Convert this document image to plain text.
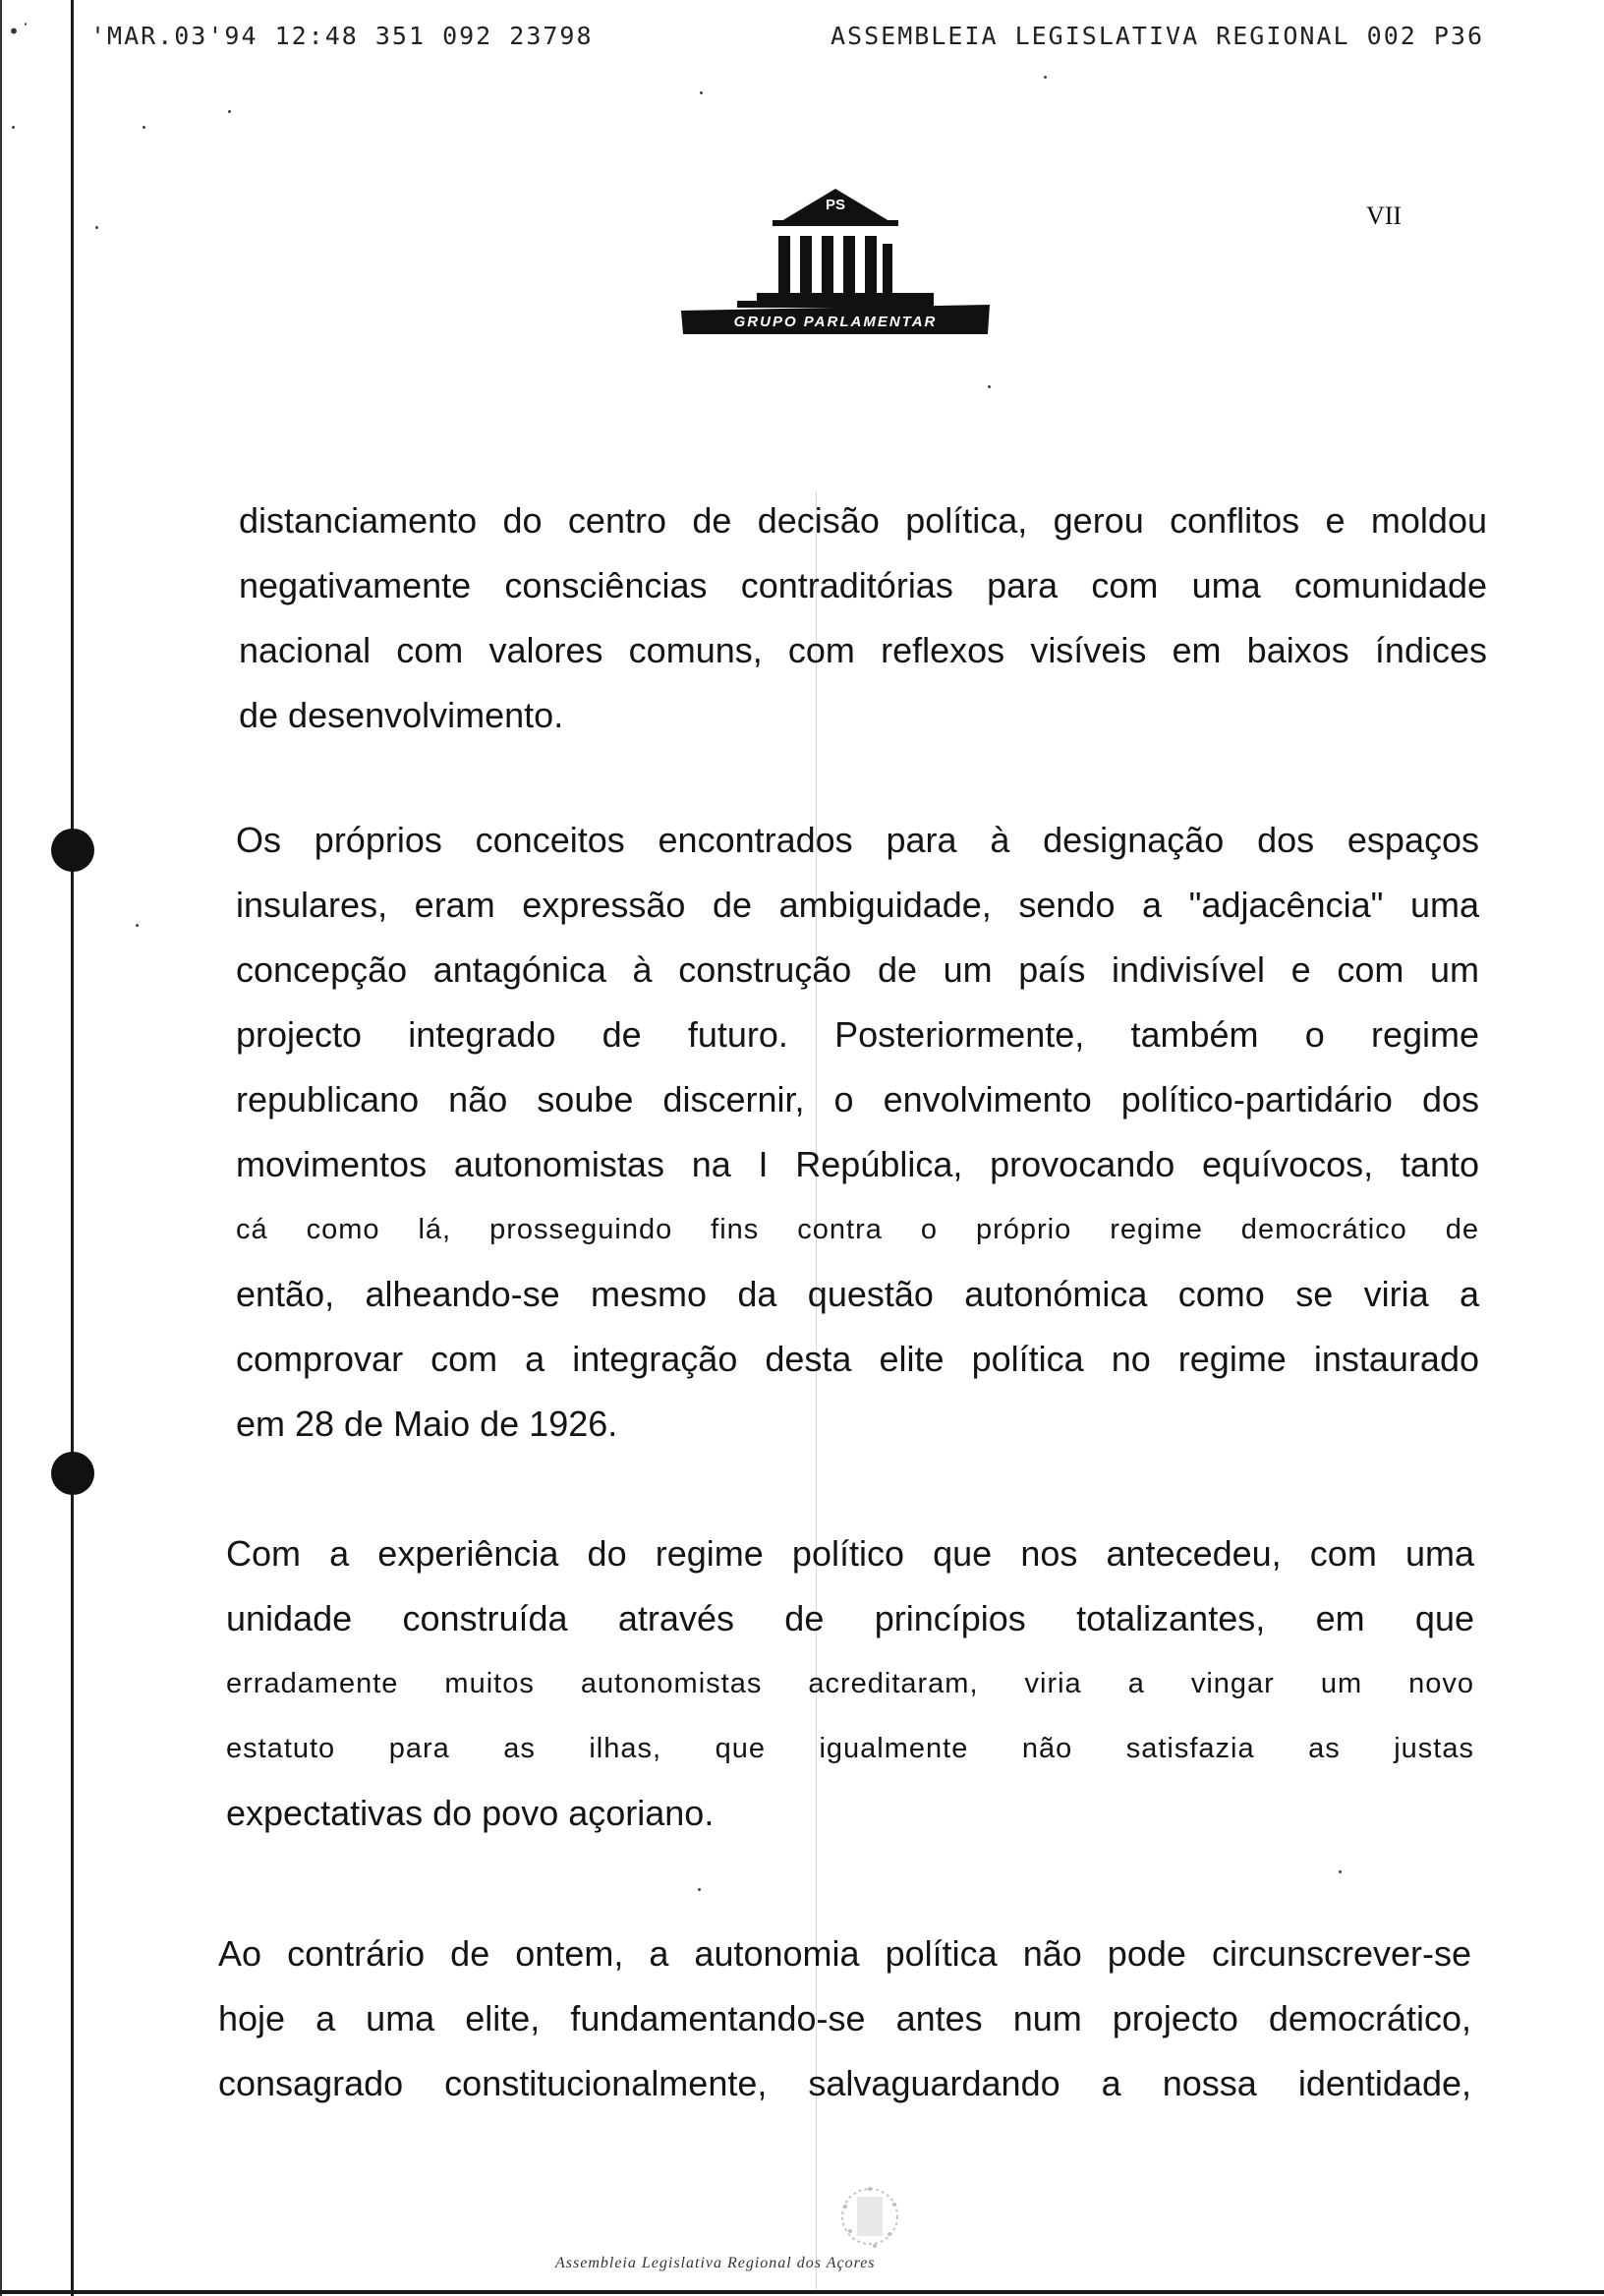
•˙ 'MAR.03'94 12:48 351 092 23798	ASSEMBLEIA LEGISLATIVA REGIONAL 002 P36
PS
GRUPO PARLAMENTAR
VII

distanciamento do centro de decisão política, gerou conflitos e moldou
negativamente consciências contraditórias para com uma comunidade
nacional com valores comuns, com reflexos visíveis em baixos índices
de desenvolvimento.

Os próprios conceitos encontrados para à designação dos espaços
insulares, eram expressão de ambiguidade, sendo a "adjacência" uma
concepção antagónica à construção de um país indivisível e com um
projecto integrado de futuro. Posteriormente, também o regime
republicano não soube discernir, o envolvimento político-partidário dos
movimentos autonomistas na I República, provocando equívocos, tanto
cá como lá, prosseguindo fins contra o próprio regime democrático de
então, alheando-se mesmo da questão autonómica como se viria a
comprovar com a integração desta elite política no regime instaurado
em 28 de Maio de 1926.

Com a experiência do regime político que nos antecedeu, com uma
unidade construída através de princípios totalizantes, em que
erradamente muitos autonomistas acreditaram, viria a vingar um novo
estatuto para as ilhas, que igualmente não satisfazia as justas
expectativas do povo açoriano.

Ao contrário de ontem, a autonomia política não pode circunscrever-se
hoje a uma elite, fundamentando-se antes num projecto democrático,
consagrado constitucionalmente, salvaguardando a nossa identidade,

Assembleia Legislativa Regional dos Açores
